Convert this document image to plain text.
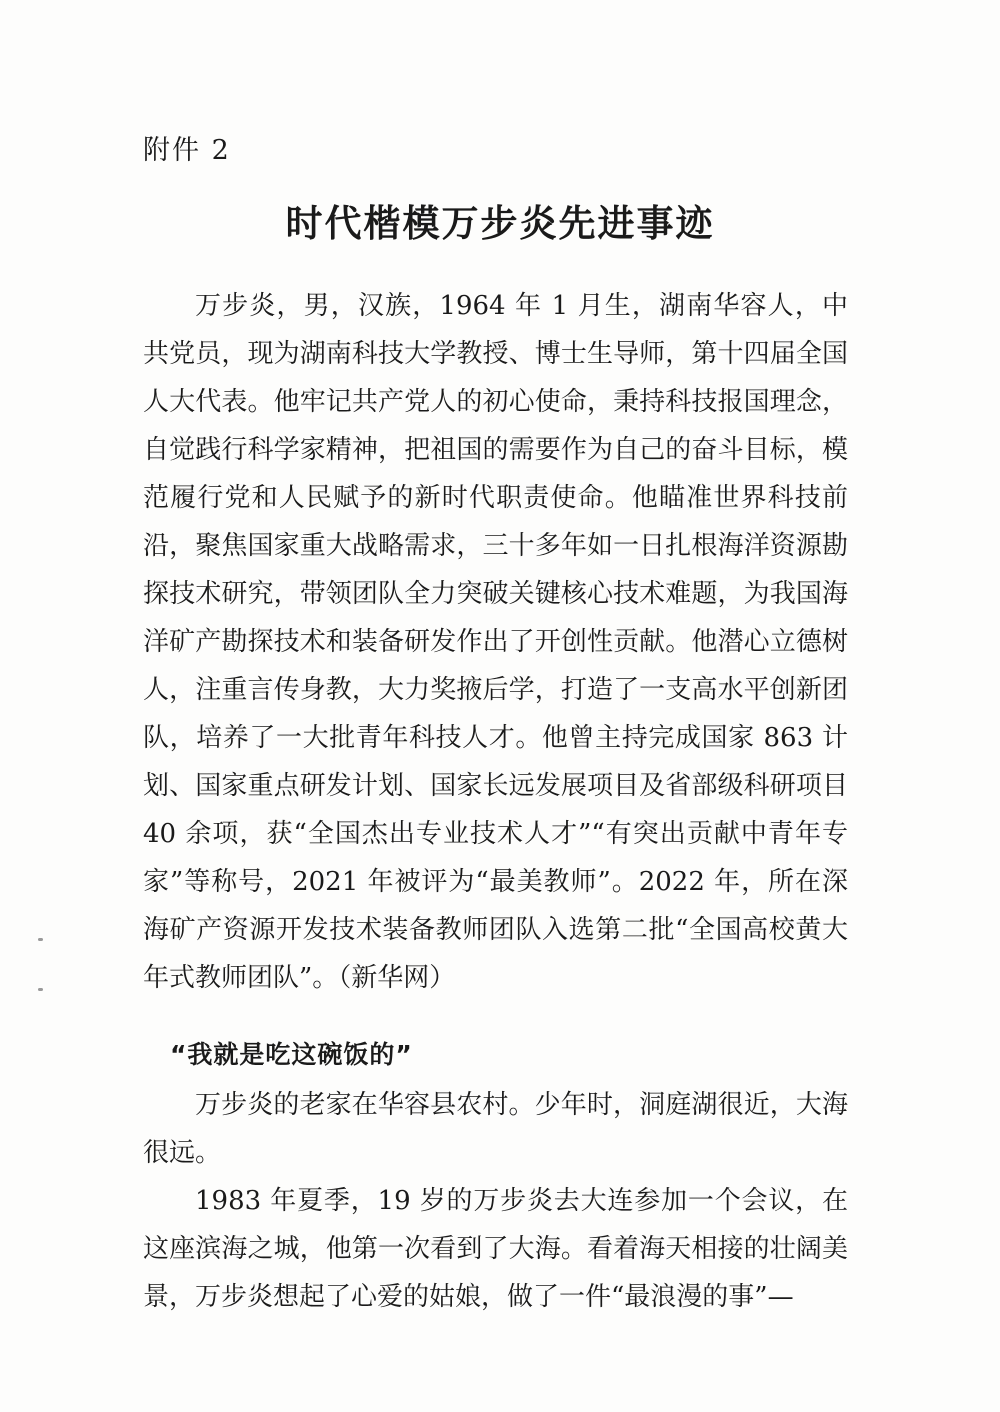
附件 2
时代楷模万步炎先进事迹

万步炎，男，汉族，1964 年 1 月生，湖南华容人，中共党员，现为湖南科技大学教授、博士生导师，第十四届全国人大代表。他牢记共产党人的初心使命，秉持科技报国理念，自觉践行科学家精神，把祖国的需要作为自己的奋斗目标，模范履行党和人民赋予的新时代职责使命。他瞄准世界科技前沿，聚焦国家重大战略需求，三十多年如一日扎根海洋资源勘探技术研究，带领团队全力突破关键核心技术难题，为我国海洋矿产勘探技术和装备研发作出了开创性贡献。他潜心立德树人，注重言传身教，大力奖掖后学，打造了一支高水平创新团队，培养了一大批青年科技人才。他曾主持完成国家 863 计划、国家重点研发计划、国家长远发展项目及省部级科研项目 40 余项，获“全国杰出专业技术人才”“有突出贡献中青年专家”等称号，2021 年被评为“最美教师”。2022 年，所在深海矿产资源开发技术装备教师团队入选第二批“全国高校黄大年式教师团队”。（新华网）

“我就是吃这碗饭的”

万步炎的老家在华容县农村。少年时，洞庭湖很近，大海很远。

1983 年夏季，19 岁的万步炎去大连参加一个会议，在这座滨海之城，他第一次看到了大海。看着海天相接的壮阔美景，万步炎想起了心爱的姑娘，做了一件“最浪漫的事”—
